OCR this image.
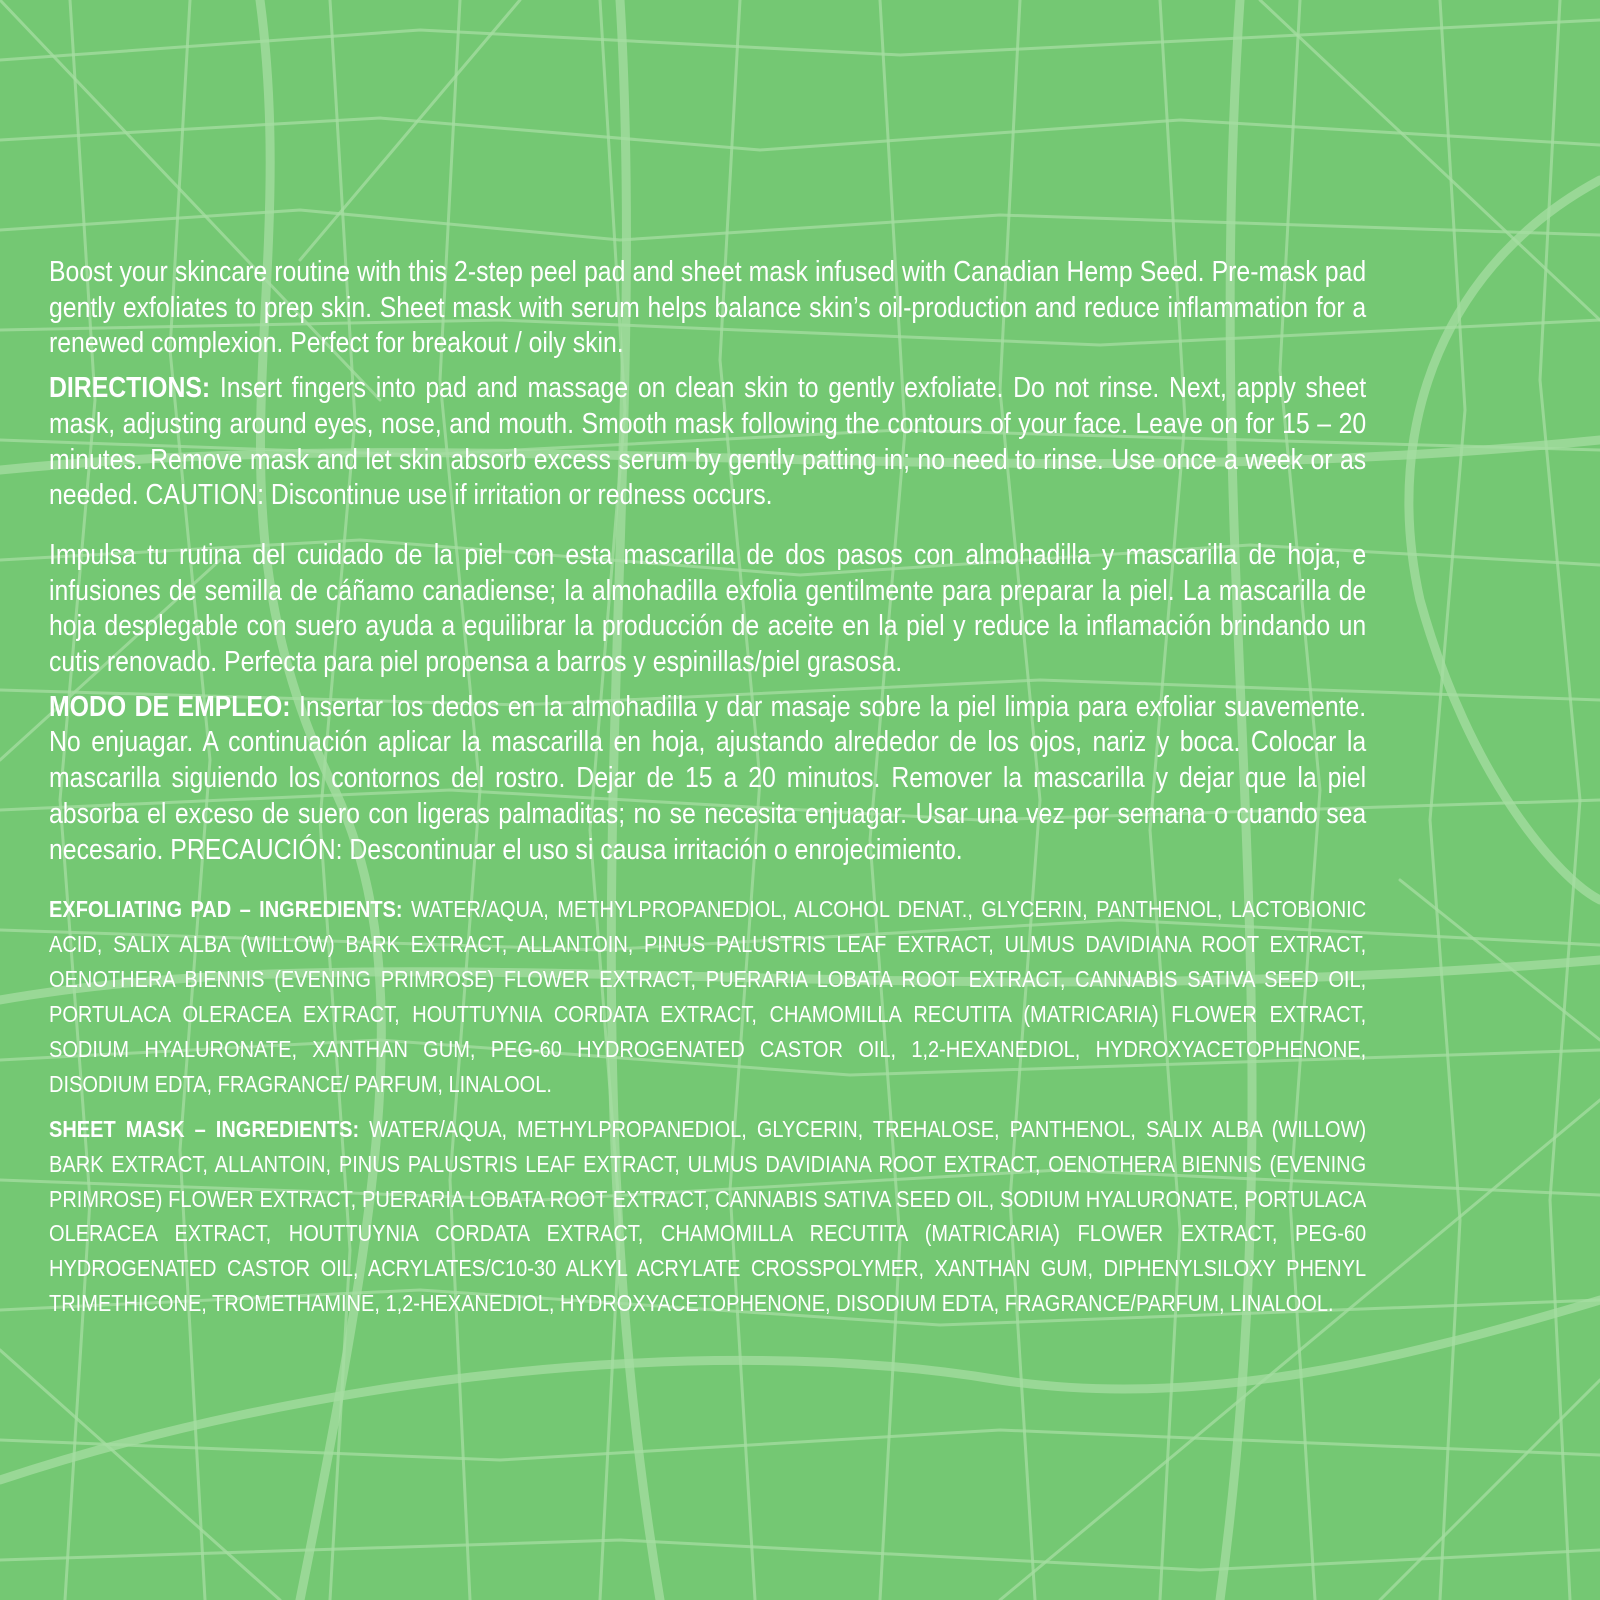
Boost your skincare routine with this 2-step peel pad and sheet mask infused with Canadian Hemp Seed. Pre-mask pad gently exfoliates to prep skin. Sheet mask with serum helps balance skin’s oil-production and reduce inflammation for a renewed complexion. Perfect for breakout / oily skin.

DIRECTIONS: Insert fingers into pad and massage on clean skin to gently exfoliate. Do not rinse. Next, apply sheet mask, adjusting around eyes, nose, and mouth. Smooth mask following the contours of your face. Leave on for 15 – 20 minutes. Remove mask and let skin absorb excess serum by gently patting in; no need to rinse. Use once a week or as needed. CAUTION: Discontinue use if irritation or redness occurs.

Impulsa tu rutina del cuidado de la piel con esta mascarilla de dos pasos con almohadilla y mascarilla de hoja, e infusiones de semilla de cáñamo canadiense; la almohadilla exfolia gentilmente para preparar la piel. La mascarilla de hoja desplegable con suero ayuda a equilibrar la producción de aceite en la piel y reduce la inflamación brindando un cutis renovado. Perfecta para piel propensa a barros y espinillas/piel grasosa.

MODO DE EMPLEO: Insertar los dedos en la almohadilla y dar masaje sobre la piel limpia para exfoliar suavemente. No enjuagar. A continuación aplicar la mascarilla en hoja, ajustando alrededor de los ojos, nariz y boca. Colocar la mascarilla siguiendo los contornos del rostro. Dejar de 15 a 20 minutos. Remover la mascarilla y dejar que la piel absorba el exceso de suero con ligeras palmaditas; no se necesita enjuagar. Usar una vez por semana o cuando sea necesario. PRECAUCIÓN: Descontinuar el uso si causa irritación o enrojecimiento.

EXFOLIATING PAD – INGREDIENTS: WATER/AQUA, METHYLPROPANEDIOL, ALCOHOL DENAT., GLYCERIN, PANTHENOL, LACTOBIONIC ACID, SALIX ALBA (WILLOW) BARK EXTRACT, ALLANTOIN, PINUS PALUSTRIS LEAF EXTRACT, ULMUS DAVIDIANA ROOT EXTRACT, OENOTHERA BIENNIS (EVENING PRIMROSE) FLOWER EXTRACT, PUERARIA LOBATA ROOT EXTRACT, CANNABIS SATIVA SEED OIL, PORTULACA OLERACEA EXTRACT, HOUTTUYNIA CORDATA EXTRACT, CHAMOMILLA RECUTITA (MATRICARIA) FLOWER EXTRACT, SODIUM HYALURONATE, XANTHAN GUM, PEG-60 HYDROGENATED CASTOR OIL, 1,2-HEXANEDIOL, HYDROXYACETOPHENONE, DISODIUM EDTA, FRAGRANCE/ PARFUM, LINALOOL.

SHEET MASK – INGREDIENTS: WATER/AQUA, METHYLPROPANEDIOL, GLYCERIN, TREHALOSE, PANTHENOL, SALIX ALBA (WILLOW) BARK EXTRACT, ALLANTOIN, PINUS PALUSTRIS LEAF EXTRACT, ULMUS DAVIDIANA ROOT EXTRACT, OENOTHERA BIENNIS (EVENING PRIMROSE) FLOWER EXTRACT, PUERARIA LOBATA ROOT EXTRACT, CANNABIS SATIVA SEED OIL, SODIUM HYALURONATE, PORTULACA OLERACEA EXTRACT, HOUTTUYNIA CORDATA EXTRACT, CHAMOMILLA RECUTITA (MATRICARIA) FLOWER EXTRACT, PEG-60 HYDROGENATED CASTOR OIL, ACRYLATES/C10-30 ALKYL ACRYLATE CROSSPOLYMER, XANTHAN GUM, DIPHENYLSILOXY PHENYL TRIMETHICONE, TROMETHAMINE, 1,2-HEXANEDIOL, HYDROXYACETOPHENONE, DISODIUM EDTA, FRAGRANCE/PARFUM, LINALOOL.
